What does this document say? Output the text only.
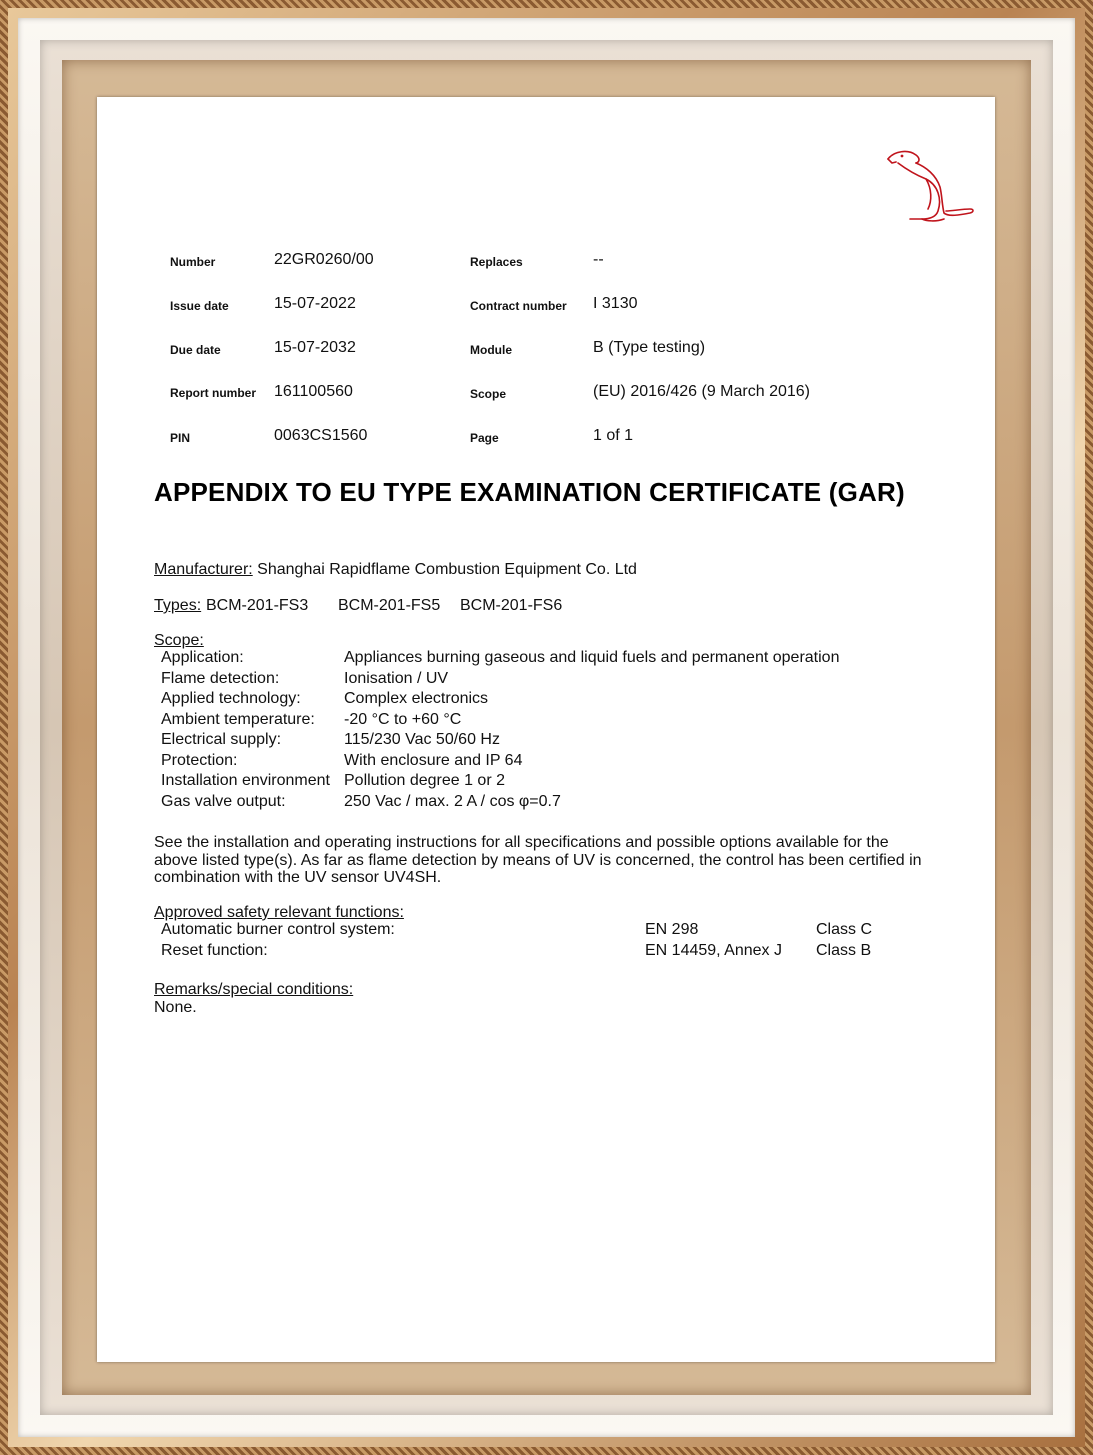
Number	22GR0260/00	Replaces	--
Issue date	15-07-2022	Contract number I 3130
Due date	15-07-2032	Module	B (Type testing)
Report number 161100560	Scope	(EU) 2016/426 (9 March 2016)
PIN	0063CS1560	Page	1 of 1
APPENDIX TO EU TYPE EXAMINATION CERTIFICATE (GAR)
Manufacturer: Shanghai Rapidflame Combustion Equipment Co. Ltd
Types: BCM-201-FS3 BCM-201-FS5 BCM-201-FS6
Scope:
Application:	Appliances burning gaseous and liquid fuels and permanent operation
Flame detection:	Ionisation / UV
Applied technology:	Complex electronics
Ambient temperature: -20 °C to +60 °C
Electrical supply:	115/230 Vac 50/60 Hz
Protection:	With enclosure and IP 64
Installation environment Pollution degree 1 or 2
Gas valve output:	250 Vac / max. 2 A / cos φ=0.7
See the installation and operating instructions for all specifications and possible options available for the above listed type(s). As far as flame detection by means of UV is concerned, the control has been certified in combination with the UV sensor UV4SH.
Approved safety relevant functions:
Automatic burner control system:	EN 298	Class C
Reset function:	EN 14459, Annex J Class B
Remarks/special conditions:
None.
